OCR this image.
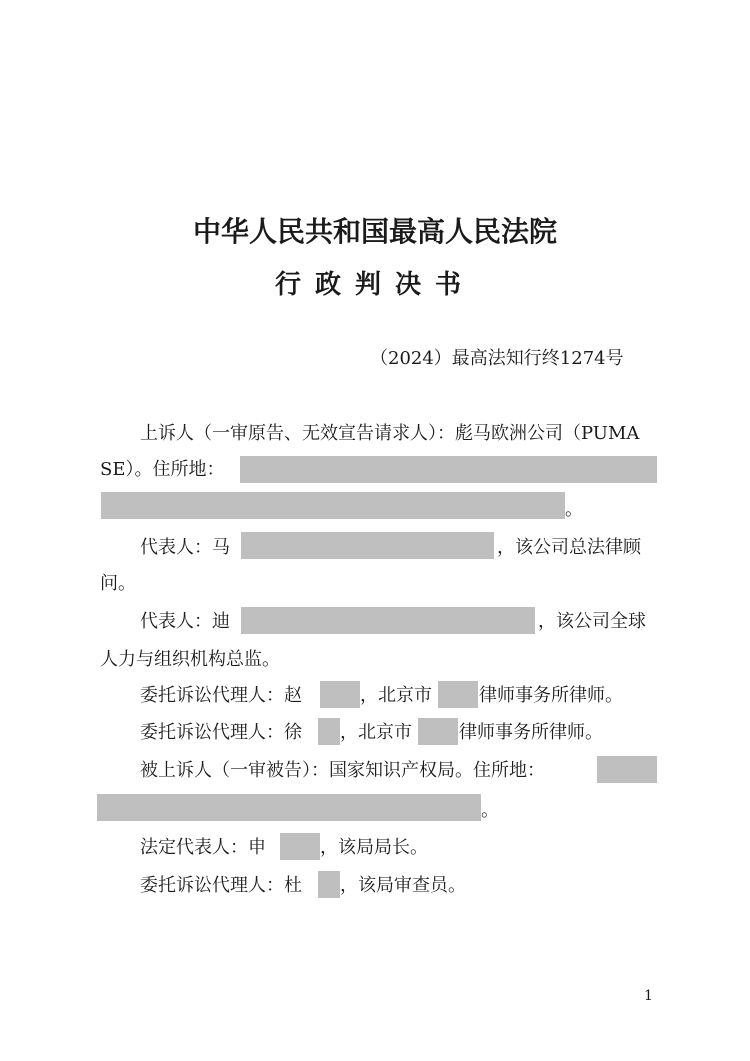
中华人民共和国最高人民法院
行政判决书
（2024）最高法知行终1274号
上诉人（一审原告、无效宣告请求人）：彪马欧洲公司（PUMA
SE）。住所地：
。
代表人：马	，该公司总法律顾
问。
代表人：迪	，该公司全球
人力与组织机构总监。
委托诉讼代理人：赵	，北京市	律师事务所律师。
委托诉讼代理人：徐 ，北京市	律师事务所律师。
被上诉人（一审被告）：国家知识产权局。住所地：
。
法定代表人：申	，该局局长。
委托诉讼代理人：杜 ，该局审查员。
1
